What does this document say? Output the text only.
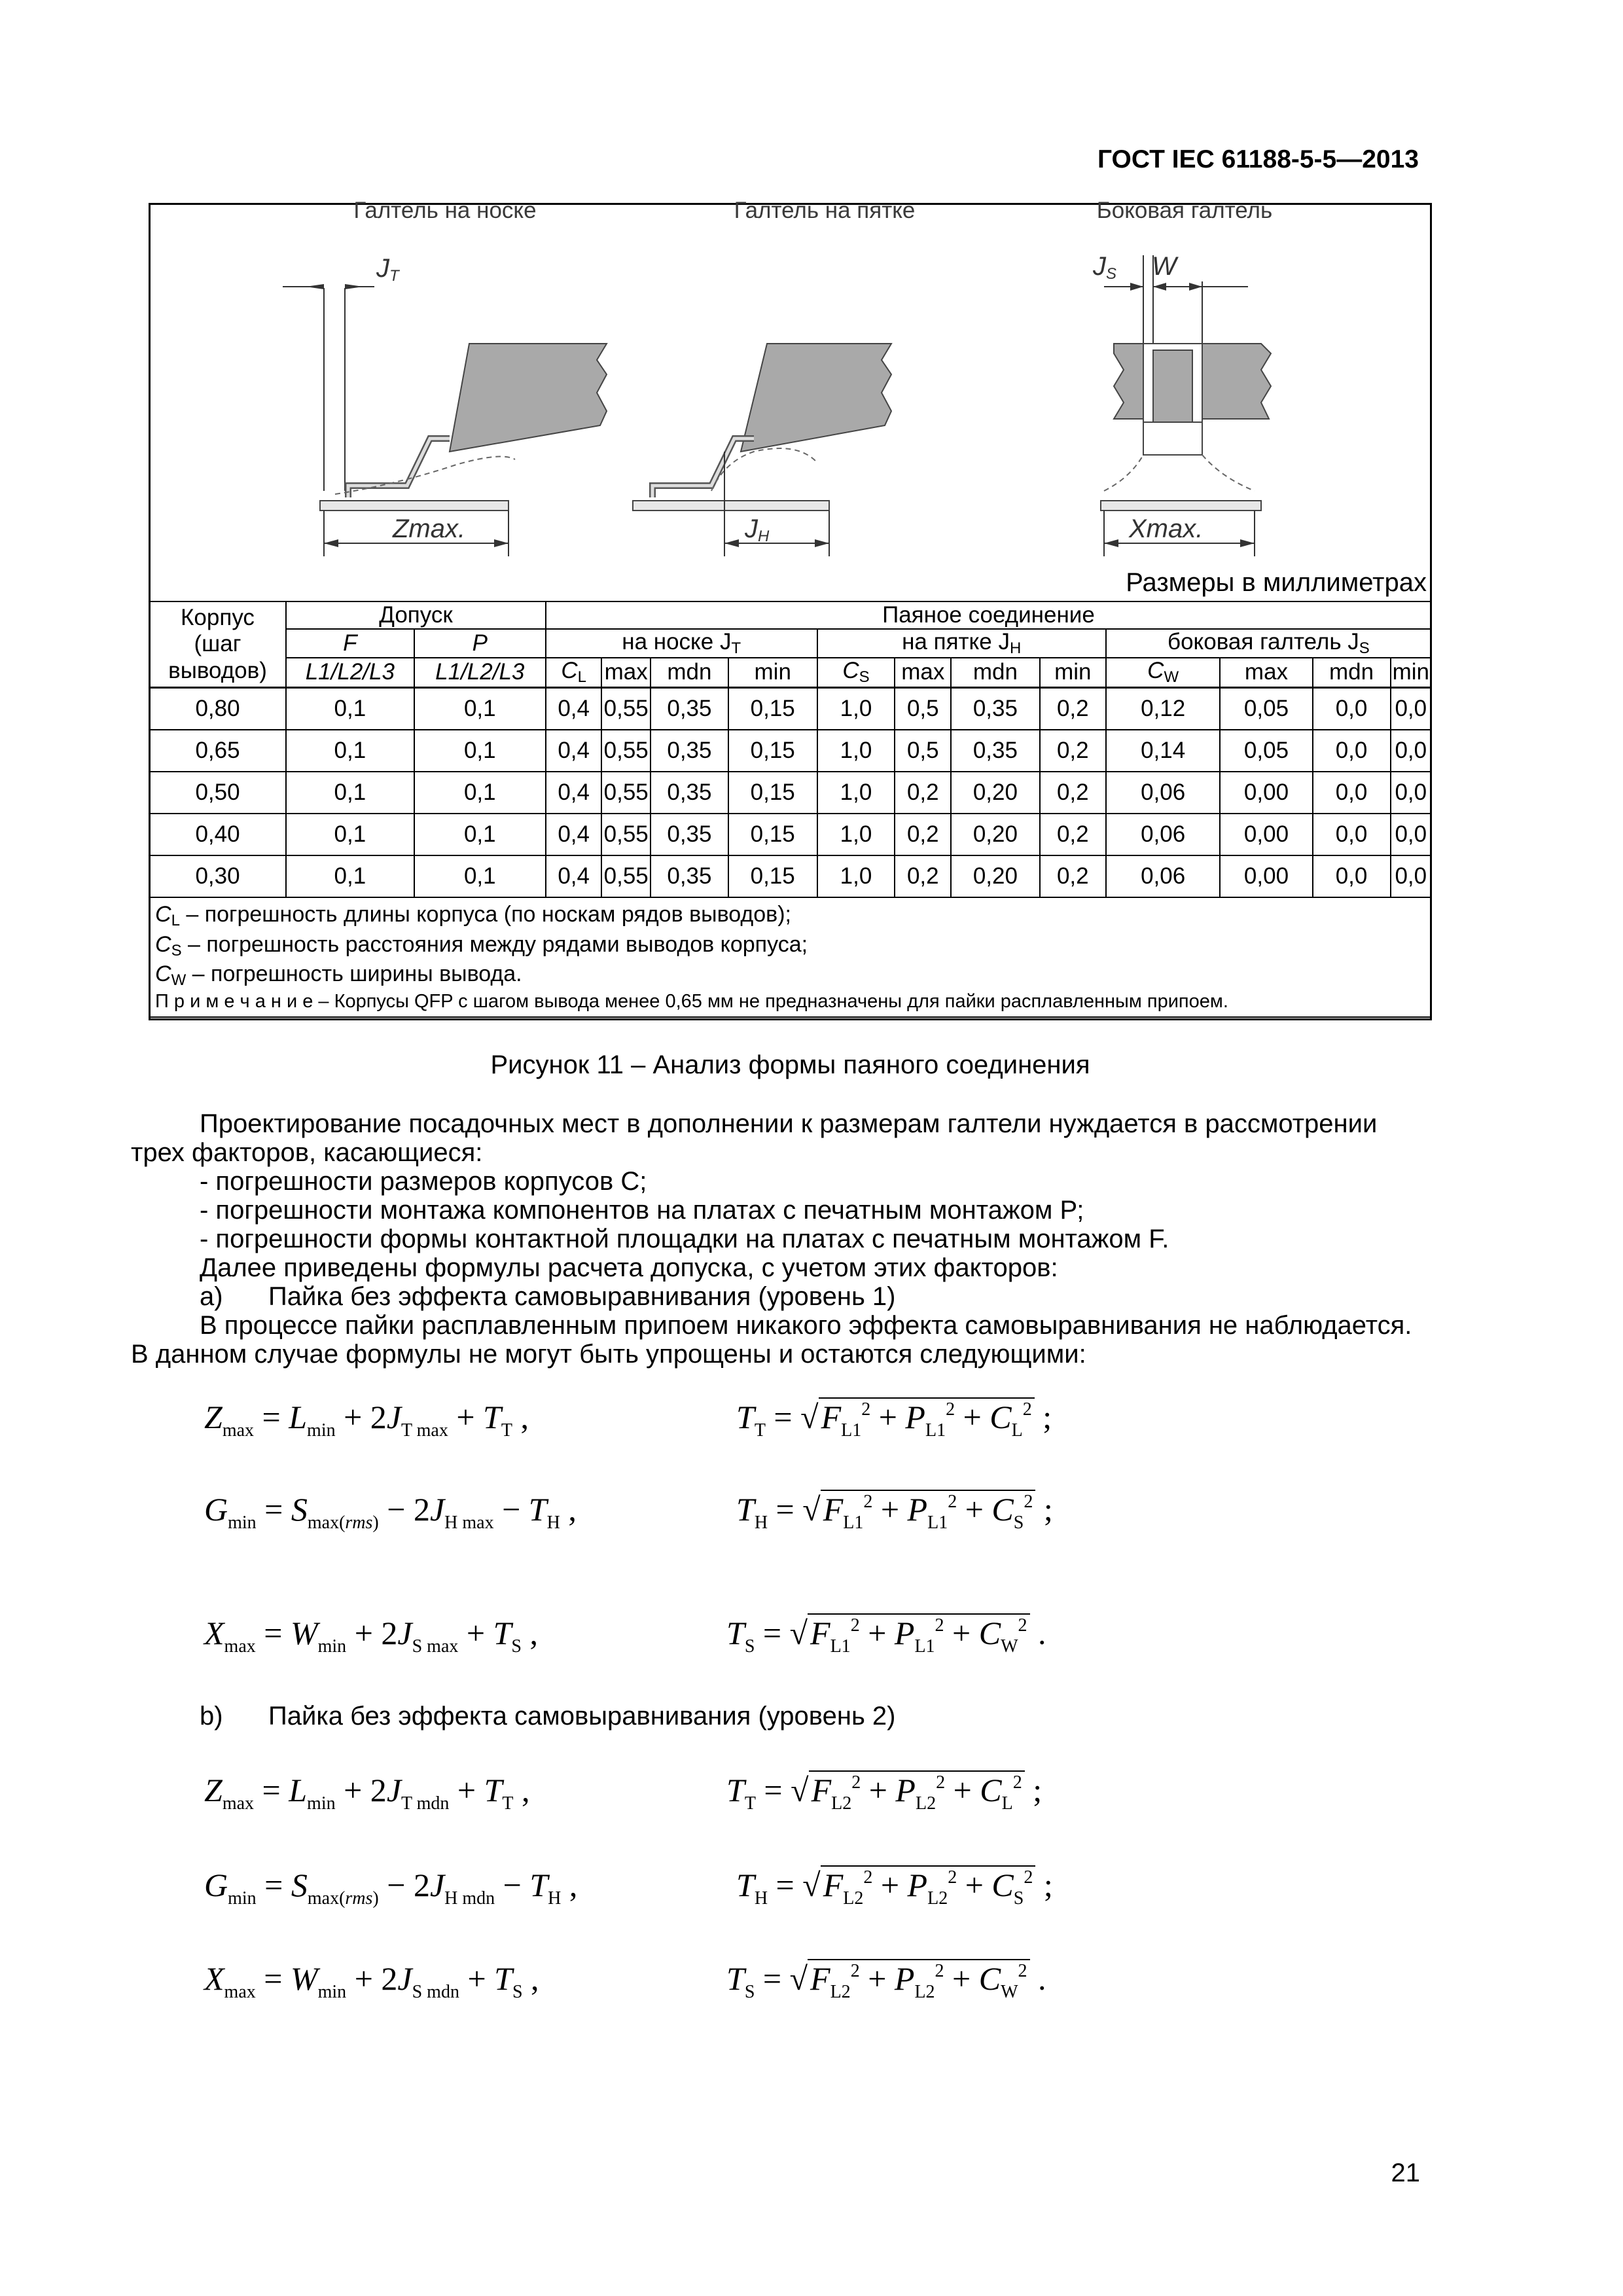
ГОСТ IEC 61188-5-5—2013
Галтель на носке	Галтель на пятке	Боковая галтель
JT
Zmax.	JH
JS W
Xmax.
Размеры в миллиметрах
Корпус
(шаг
выводов)	Допуск		Паяное соединение											
	F	P	на носке JT				на пятке JH				боковая галтель JS			
	L1/L2/L3	L1/L2/L3	CL	max	mdn	min	CS	max	mdn	min	CW	max	mdn	min
0,80	0,1	0,1	0,4	0,55	0,35	0,15	1,0	0,5	0,35	0,2	0,12	0,05	0,0	0,0
0,65	0,1	0,1	0,4	0,55	0,35	0,15	1,0	0,5	0,35	0,2	0,14	0,05	0,0	0,0
0,50	0,1	0,1	0,4	0,55	0,35	0,15	1,0	0,2	0,20	0,2	0,06	0,00	0,0	0,0
0,40	0,1	0,1	0,4	0,55	0,35	0,15	1,0	0,2	0,20	0,2	0,06	0,00	0,0	0,0
0,30	0,1	0,1	0,4	0,55	0,35	0,15	1,0	0,2	0,20	0,2	0,06	0,00	0,0	0,0

CL – погрешность длины корпуса (по носкам рядов выводов);
CS – погрешность расстояния между рядами выводов корпуса;
CW – погрешность ширины вывода.
П р и м е ч а н и е – Корпусы QFP с шагом вывода менее 0,65 мм не предназначены для пайки расплавленным припоем.														
Рисунок 11 – Анализ формы паяного соединения
Проектирование посадочных мест в дополнении к размерам галтели нуждается в рассмотрении трех факторов, касающиеся:
- погрешности размеров корпусов С;
- погрешности монтажа компонентов на платах с печатным монтажом Р;
- погрешности формы контактной площадки на платах с печатным монтажом F.
Далее приведены формулы расчета допуска, с учетом этих факторов:
а) Пайка без эффекта самовыравнивания (уровень 1)
В процессе пайки расплавленным припоем никакого эффекта самовыравнивания не наблюдается. В данном случае формулы не могут быть упрощены и остаются следующими:
$Z_{max} = L_{min} + 2J_{T max} + T_T$ ,	$T_T = √F_{L1}^2 + P_{L1}^2 + C_L^2$ ;
$G_{min} = S_{max(rms)} - 2J_{H max} - T_H$ ,	$T_H = √F_{L1}^2 + P_{L1}^2 + C_S^2$ ;
$X_{max} = W_{min} + 2J_{S max} + T_S$ ,	$T_S = √F_{L1}^2 + P_{L1}^2 + C_W^2$ .
b) Пайка без эффекта самовыравнивания (уровень 2)
$Z_{max} = L_{min} + 2J_{T mdn} + T_T$ ,	$T_T = √F_{L2}^2 + P_{L2}^2 + C_L^2$ ;
$G_{min} = S_{max(rms)} - 2J_{H mdn} - T_H$ ,	$T_H = √F_{L2}^2 + P_{L2}^2 + C_S^2$ ;
$X_{max} = W_{min} + 2J_{S mdn} + T_S$ ,	$T_S = √F_{L2}^2 + P_{L2}^2 + C_W^2$ .
21
